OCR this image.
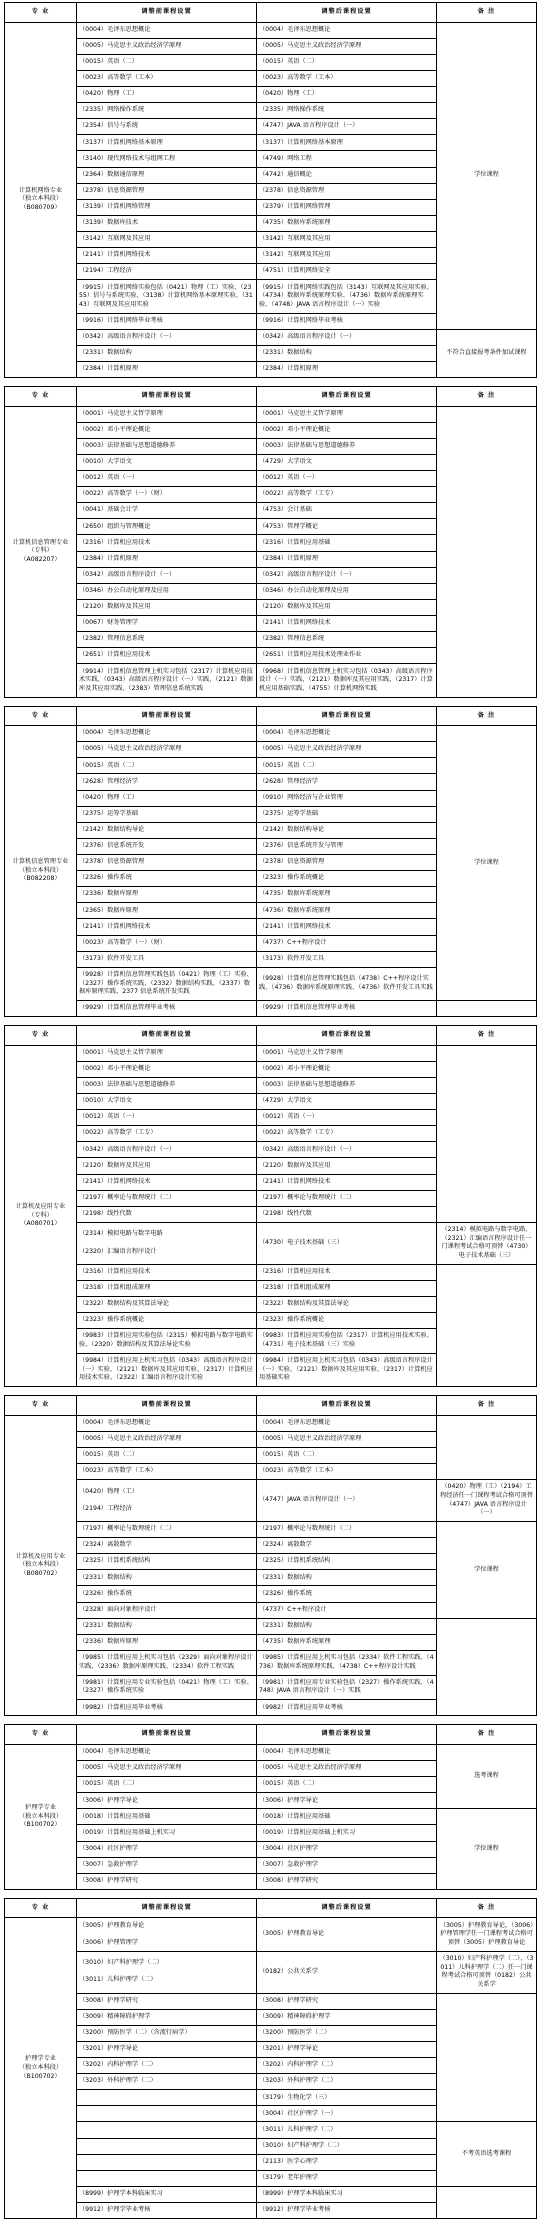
专 业	调整前课程设置	调整后课程设置	备 注
计算机网络专业
（独立本科段）
（B080709）	（0004）毛泽东思想概论	（0004）毛泽东思想概论	学位课程
	（0005）马克思主义政治经济学原理	（0005）马克思主义政治经济学原理	
	（0015）英语（二）	（0015）英语（二）	
	（0023）高等数学（工本）	（0023）高等数学（工本）	
	（0420）物理（工）	（0420）物理（工）	
	（2335）网络操作系统	（2335）网络操作系统	
	（2354）信号与系统	（4747）JAVA 语言程序设计（一）	
	（3137）计算机网络基本原理	（3137）计算机网络基本原理	
	（3140）现代网络技术与组网工程	（4749）网络工程	
	（2364）数据通信原理	（4742）通信概论	
	（2378）信息资源管理	（2378）信息资源管理	
	（3139）计算机网络管理	（2379）计算机网络管理	
	（3139）数据库技术	（4735）数据库系统原理	
	（3142）互联网及其应用	（3142）互联网及其应用	
	（2141）计算机网络技术	（3142）互联网及其应用	
	（2194）工程经济	（4751）计算机网络安全	
	（9915）计算机网络实验包括（0421）物理（工）实验、（2355）信号与系统实验、（3138）计算机网络基本原理实验、（3143）互联网及其应用实验	（9915）计算机网络实践包括（3143）互联网及其应用实验、（4734）数据库系统原理实验、（4736）数据库系统原理实验、（4748）JAVA 语言程序设计（一）实验	
	（9916）计算机网络毕业考核	（9916）计算机网络毕业考核	
	（0342）高级语言程序设计（一）	（0342）高级语言程序设计（一）	不符合直接报考条件加试课程
	（2331）数据结构	（2331）数据结构	
	（2384）计算机原理	（2384）计算机原理	
专 业	调整前课程设置	调整后课程设置	备 注
计算机信息管理专业
（专科）
（A082207）	（0001）马克思主义哲学原理	（0001）马克思主义哲学原理	
	（0002）邓小平理论概论	（0002）邓小平理论概论	
	（0003）法律基础与思想道德修养	（0003）法律基础与思想道德修养	
	（0010）大学语文	（4729）大学语文	
	（0012）英语（一）	（0012）英语（一）	
	（0022）高等数学（一）（财）	（0022）高等数学（工专）	
	（0041）基础会计学	（4753）会计基础	
	（2650）组织与管理概论	（4753）管理学概论	
	（2316）计算机应用技术	（2316）计算机应用基础	
	（2384）计算机原理	（2384）计算机原理	
	（0342）高级语言程序设计（一）	（0342）高级语言程序设计（一）	
	（0346）办公自动化原理及应用	（0346）办公自动化原理及应用	
	（2120）数据库及其应用	（2120）数据库及其应用	
	（0067）财务管理学	（2141）计算机网络技术	
	（2382）管理信息系统	（2382）管理信息系统	
	（2651）计算机应用技术	（2651）计算机应用技术处理业作业	
	（9914）计算机信息管理上机实习包括（2317）计算机应用技术实践、（0343）高级语言程序设计（一）实践、（2121）数据库及其应用实践、（2383）管理信息系统实践	（9968）计算机信息管理上机实习包括（0343）高级语言程序设计（一）实践、（2121）数据库及其应用实践、（2317）计算机应用基础实践、（4755）计算机网络实践	
专 业	调整前课程设置	调整后课程设置	备 注
计算机信息管理专业
（独立本科段）
（B082208）	（0004）毛泽东思想概论	（0004）毛泽东思想概论	学位课程
	（0005）马克思主义政治经济学原理	（0005）马克思主义政治经济学原理	
	（0015）英语（二）	（0015）英语（二）	
	（2628）管理经济学	（2628）管理经济学	
	（0420）物理（工）	（0910）网络经济与企业管理	
	（2375）运筹学基础	（2375）运筹学基础	
	（2142）数据结构导论	（2142）数据结构导论	
	（2376）信息系统开发	（2376）信息系统开发与管理	
	（2378）信息资源管理	（2378）信息资源管理	
	（2326）操作系统	（2323）操作系统概论	
	（2336）数据库原理	（4735）数据库系统原理	
	（2365）数据库原理	（4736）数据库系统原理	
	（2141）计算机网络技术	（2141）计算机网络技术	
	（0023）高等数学（一）（财）	（4737）C++程序设计	
	（3173）软件开发工具	（3173）软件开发工具	
	（9928）计算机信息管理实践包括（0421）物理（工）实验、（2327）操作系统实践、（2332）数据结构实践、（2337）数据库原理实践、2377 信息系统开发实践	（9928）计算机信息管理实践包括（4738）C++程序设计实践、（4736）数据库系统原理实践、（4736）软件开发工具实践	
	（9929）计算机信息管理毕业考核	（9929）计算机信息管理毕业考核	
专 业	调整前课程设置	调整后课程设置	备 注
计算机及应用专业
（专科）
（A080701）	（0001）马克思主义哲学原理	（0001）马克思主义哲学原理	
	（0002）邓小平理论概论	（0002）邓小平理论概论	
	（0003）法律基础与思想道德修养	（0003）法律基础与思想道德修养	
	（0010）大学语文	（4729）大学语文	
	（0012）英语（一）	（0012）英语（一）	
	（0022）高等数学（工专）	（0022）高等数学（工专）	
	（0342）高级语言程序设计（一）	（0342）高级语言程序设计（一）	
	（2120）数据库及其应用	（2120）数据库及其应用	
	（2141）计算机网络技术	（2141）计算机网络技术	
	（2197）概率论与数理统计（二）	（2197）概率论与数理统计（二）	
	（2198）线性代数	（2198）线性代数	
	（2314）模拟电路与数字电路

（2320）汇编语言程序设计	（4730）电子技术基础（三）	（2314）模拟电路与数字电路、（2321）汇编语言程序设计任一门课程考试合格可顶替（4730）电子技术基础（三）
	（2316）计算机应用技术	（2316）计算机应用技术	
	（2318）计算机组成原理	（2318）计算机组成原理	
	（2322）数据结构及其算法导论	（2322）数据结构及其算法导论	
	（2323）操作系统概论	（2323）操作系统概论	
	（9983）计算机应用实验包括（2315）模拟电路与数字电路实验、（2320）数据结构及其算法导论实验	（9983）计算机应用实验包括（2317）计算机应用技术实验、（4731）电子技术基础（三）实验	
	（9984）计算机应用上机实习包括（0343）高级语言程序设计（一）实验、（2121）数据库及其应用实验、（2317）计算机应用技术实验、（2322）汇编语言程序设计实验	（9984）计算机应用上机实习包括（0343）高级语言程序设计（一）实验、（2121）数据库及其应用实验、（2317）计算机应用基础实验	
专 业	调整前课程设置	调整后课程设置	备 注
计算机及应用专业
（独立本科段）
（B080702）	（0004）毛泽东思想概论	（0004）毛泽东思想概论	
	（0005）马克思主义政治经济学原理	（0005）马克思主义政治经济学原理	
	（0015）英语（二）	（0015）英语（二）	
	（0023）高等数学（工本）	（0023）高等数学（工本）	
	（0420）物理（工）

（2194）工程经济	（4747）JAVA 语言程序设计（一）	（0420）物理（工）（2194）工程经济任一门课程考试合格可顶替（4747）JAVA 语言程序设计（一）
	（7197）概率论与数理统计（二）	（2197）概率论与数理统计（二）	学位课程
	（2324）离散数学	（2324）离散数学	
	（2325）计算机系统结构	（2325）计算机系统结构	
	（2331）数据结构	（2331）数据结构	
	（2326）操作系统	（2326）操作系统	
	（2328）面向对象程序设计	（4737）C++程序设计	
	（2331）数据结构	（2331）数据结构	
	（2336）数据库原理	（4735）数据库系统原理	
	（9985）计算机应用上机实习包括（2329）面向对象程序设计实践、（2336）数据库原理实践、（2334）软件工程实践	（9985）计算机应用上机实习包括（2334）软件工程实践、（4736）数据库系统原理实践、（4738）C++程序设计实践	
	（9981）计算机应用专业实验包括（0421）物理（工）实验、（2327）操作系统实验	（9981）计算机应用专业实验包括（2327）操作系统实践、（4748）JAVA 语言程序设计（一）实践	
	（9982）计算机应用毕业考核	（9982）计算机应用毕业考核	
专 业	调整前课程设置	调整后课程设置	备 注
护理学专业
（独立本科段）
（B100702）	（0004）毛泽东思想概论	（0004）毛泽东思想概论	选考课程
	（0005）马克思主义政治经济学原理	（0005）马克思主义政治经济学原理	
	（0015）英语（二）	（0015）英语（二）	
	（3006）护理学导论	（3006）护理学导论	
	（0018）计算机应用基础	（0018）计算机应用基础	学位课程
	（0019）计算机应用基础上机实习	（0019）计算机应用基础上机实习	
	（3004）社区护理学	（3004）社区护理学	
	（3007）急救护理学	（3007）急救护理学	
	（3008）护理学研究	（3008）护理学研究	
专 业	调整前课程设置	调整后课程设置	备 注
护理学专业
（独立本科段）
（B100702）	（3005）护理教育导论

（3006）护理管理学	（3005）护理教育导论	（3005）护理教育导论、（3006）护理管理学任一门课程考试合格可顶替（3005）护理教育导论
	（3010）妇产科护理学（二）

（3011）儿科护理学（二）	（0182）公共关系学	（3010）妇产科护理学（二）、（3011）儿科护理学（二）任一门课程考试合格可顶替（0182）公共关系学
	（3008）护理学研究	（3008）护理学研究	
	（3009）精神障碍护理学	（3009）精神障碍护理学	
	（3200）预防医学（二）（含流行病学）	（3200）预防医学（二）	
	（3201）护理学导论	（3201）护理学导论	
	（3202）内科护理学（二）	（3202）内科护理学（二）	
	（3203）外科护理学（二）	（3203）外科护理学（二）	
		（3179）生物化学（三）	
		（3004）社区护理学（一）	
		（3011）儿科护理学（二）	不考英语选考课程
		（3010）妇产科护理学（二）	
		（2113）医学心理学	
		（3179）老年护理学	
	（8999）护理学本科临床实习	（8999）护理学本科临床实习	
	（9912）护理学毕业考核	（9912）护理学毕业考核	
